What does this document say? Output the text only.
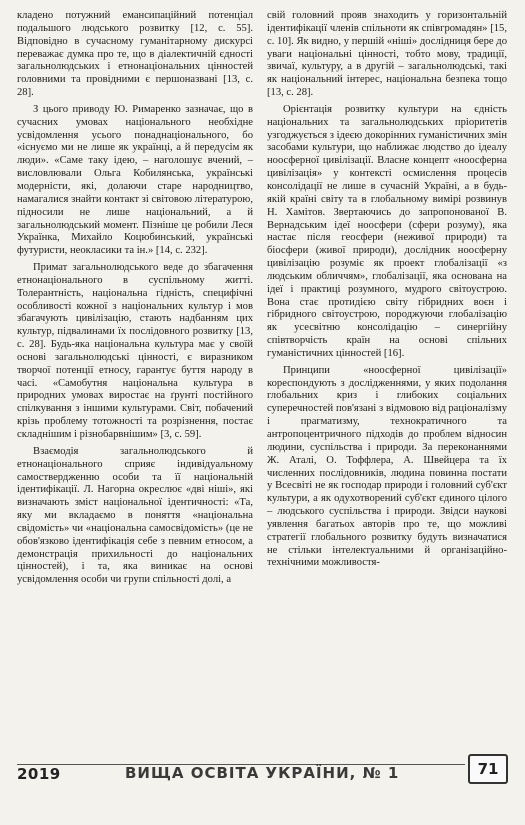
кладено потужний емансипаційний потенціал подальшого людського розвитку [12, с. 55]. Відповідно в сучасному гуманітарному дискурсі переважає думка про те, що в діалектичній єдності загальнолюдських і етнонаціональних цінностей головними та провідними є першоназвані [13, с. 28].

З цього приводу Ю. Римаренко зазначає, що в сучасних умовах національного необхідне усвідомлення усього понаднаціонального, бо «існуємо ми не лише як українці, а й передусім як люди». «Саме таку ідею, – наголошує вчений, – висловлювали Ольга Кобилянська, українські модерністи, які, долаючи старе народництво, намагалися знайти контакт зі світовою літературою, підносили не лише національний, а й загальнолюдський момент. Пізніше це робили Леся Українка, Михайло Коцюбинський, українські футуристи, неокласики та ін.» [14, с. 232].

Примат загальнолюдського веде до збагачення етнонаціонального в суспільному житті. Толерантність, національна гідність, специфічні особливості кожної з національних культур і мов збагачують цивілізацію, стають надбанням цих культур, підвалинами їх послідовного розвитку [13, с. 28]. Будь-яка національна культура має у своїй основі загальнолюдські цінності, є виразником творчої потенції етносу, гарантує буття народу в часі. «Самобутня національна культура в природних умовах виростає на ґрунті постійного спілкування з іншими культурами. Світ, побачений крізь проблему тотожності та розрізнення, постає складнішим і різнобарвнішим» [3, с. 59].

Взаємодія загальнолюдського й етнонаціонального сприяє індивідуальному самоствердженню особи та її національній ідентифікації. Л. Нагорна окреслює «дві ніші», які визначають зміст національної ідентичності: «Та, яку ми вкладаємо в поняття «національна свідомість» чи «національна самосвідомість» (це не обов'язково ідентифікація себе з певним етносом, а демонстрація прихильності до національних цінностей), і та, яка виникає на основі усвідомлення особи чи групи спільності долі, а

свій головний прояв знаходить у горизонтальній ідентифікації членів спільноти як співгромадян» [15, с. 10]. Як видно, у першій «ніші» дослідниця бере до уваги національні цінності, тобто мову, традиції, звичаї, культуру, а в другій – загальнолюдські, такі як національний інтерес, національна безпека тощо [13, с. 28].

Орієнтація розвитку культури на єдність національних та загальнолюдських пріоритетів узгоджується з ідеєю докорінних гуманістичних змін засобами культури, що наближає людство до ідеалу ноосферної цивілізації. Власне концепт «ноосферна цивілізація» у контексті осмислення процесів консолідації не лише в сучасній Україні, а в будь-якій країні світу та в глобальному вимірі розвинув Н. Хамітов. Звертаючись до запропонованої В. Вернадським ідеї ноосфери (сфери розуму), яка настає після геосфери (неживої природи) та біосфери (живої природи), дослідник ноосферну цивілізацію розуміє як проект глобалізації «з людським обличчям», глобалізації, яка основана на ідеї і практиці розумного, мудрого світоустрою. Вона стає протидією світу гібридних воєн і гібридного світоустрою, породжуючи глобалізацію як усесвітню консолідацію – синергійну співтворчість країн на основі спільних гуманістичних цінностей [16].

Принципи «ноосферної цивілізації» кореспондують з дослідженнями, у яких подолання глобальних криз і глибоких соціальних суперечностей пов'язані з відмовою від раціоналізму і прагматизму, технократичного та антропоцентричного підходів до проблем відносин людини, суспільства і природи. За переконаннями Ж. Аталі, О. Тоффлера, А. Швейцера та їх численних послідовників, людина повинна постати у Всесвіті не як господар природи і головний суб'єкт культури, а як одухотворений суб'єкт єдиного цілого – людського суспільства і природи. Звідси наукові уявлення багатьох авторів про те, що можливі стратегії глобального розвитку будуть визначатися не стільки інтелектуальними й організаційно-технічними можливостя-

2019	ВИЩА ОСВІТА УКРАЇНИ, № 1	71
